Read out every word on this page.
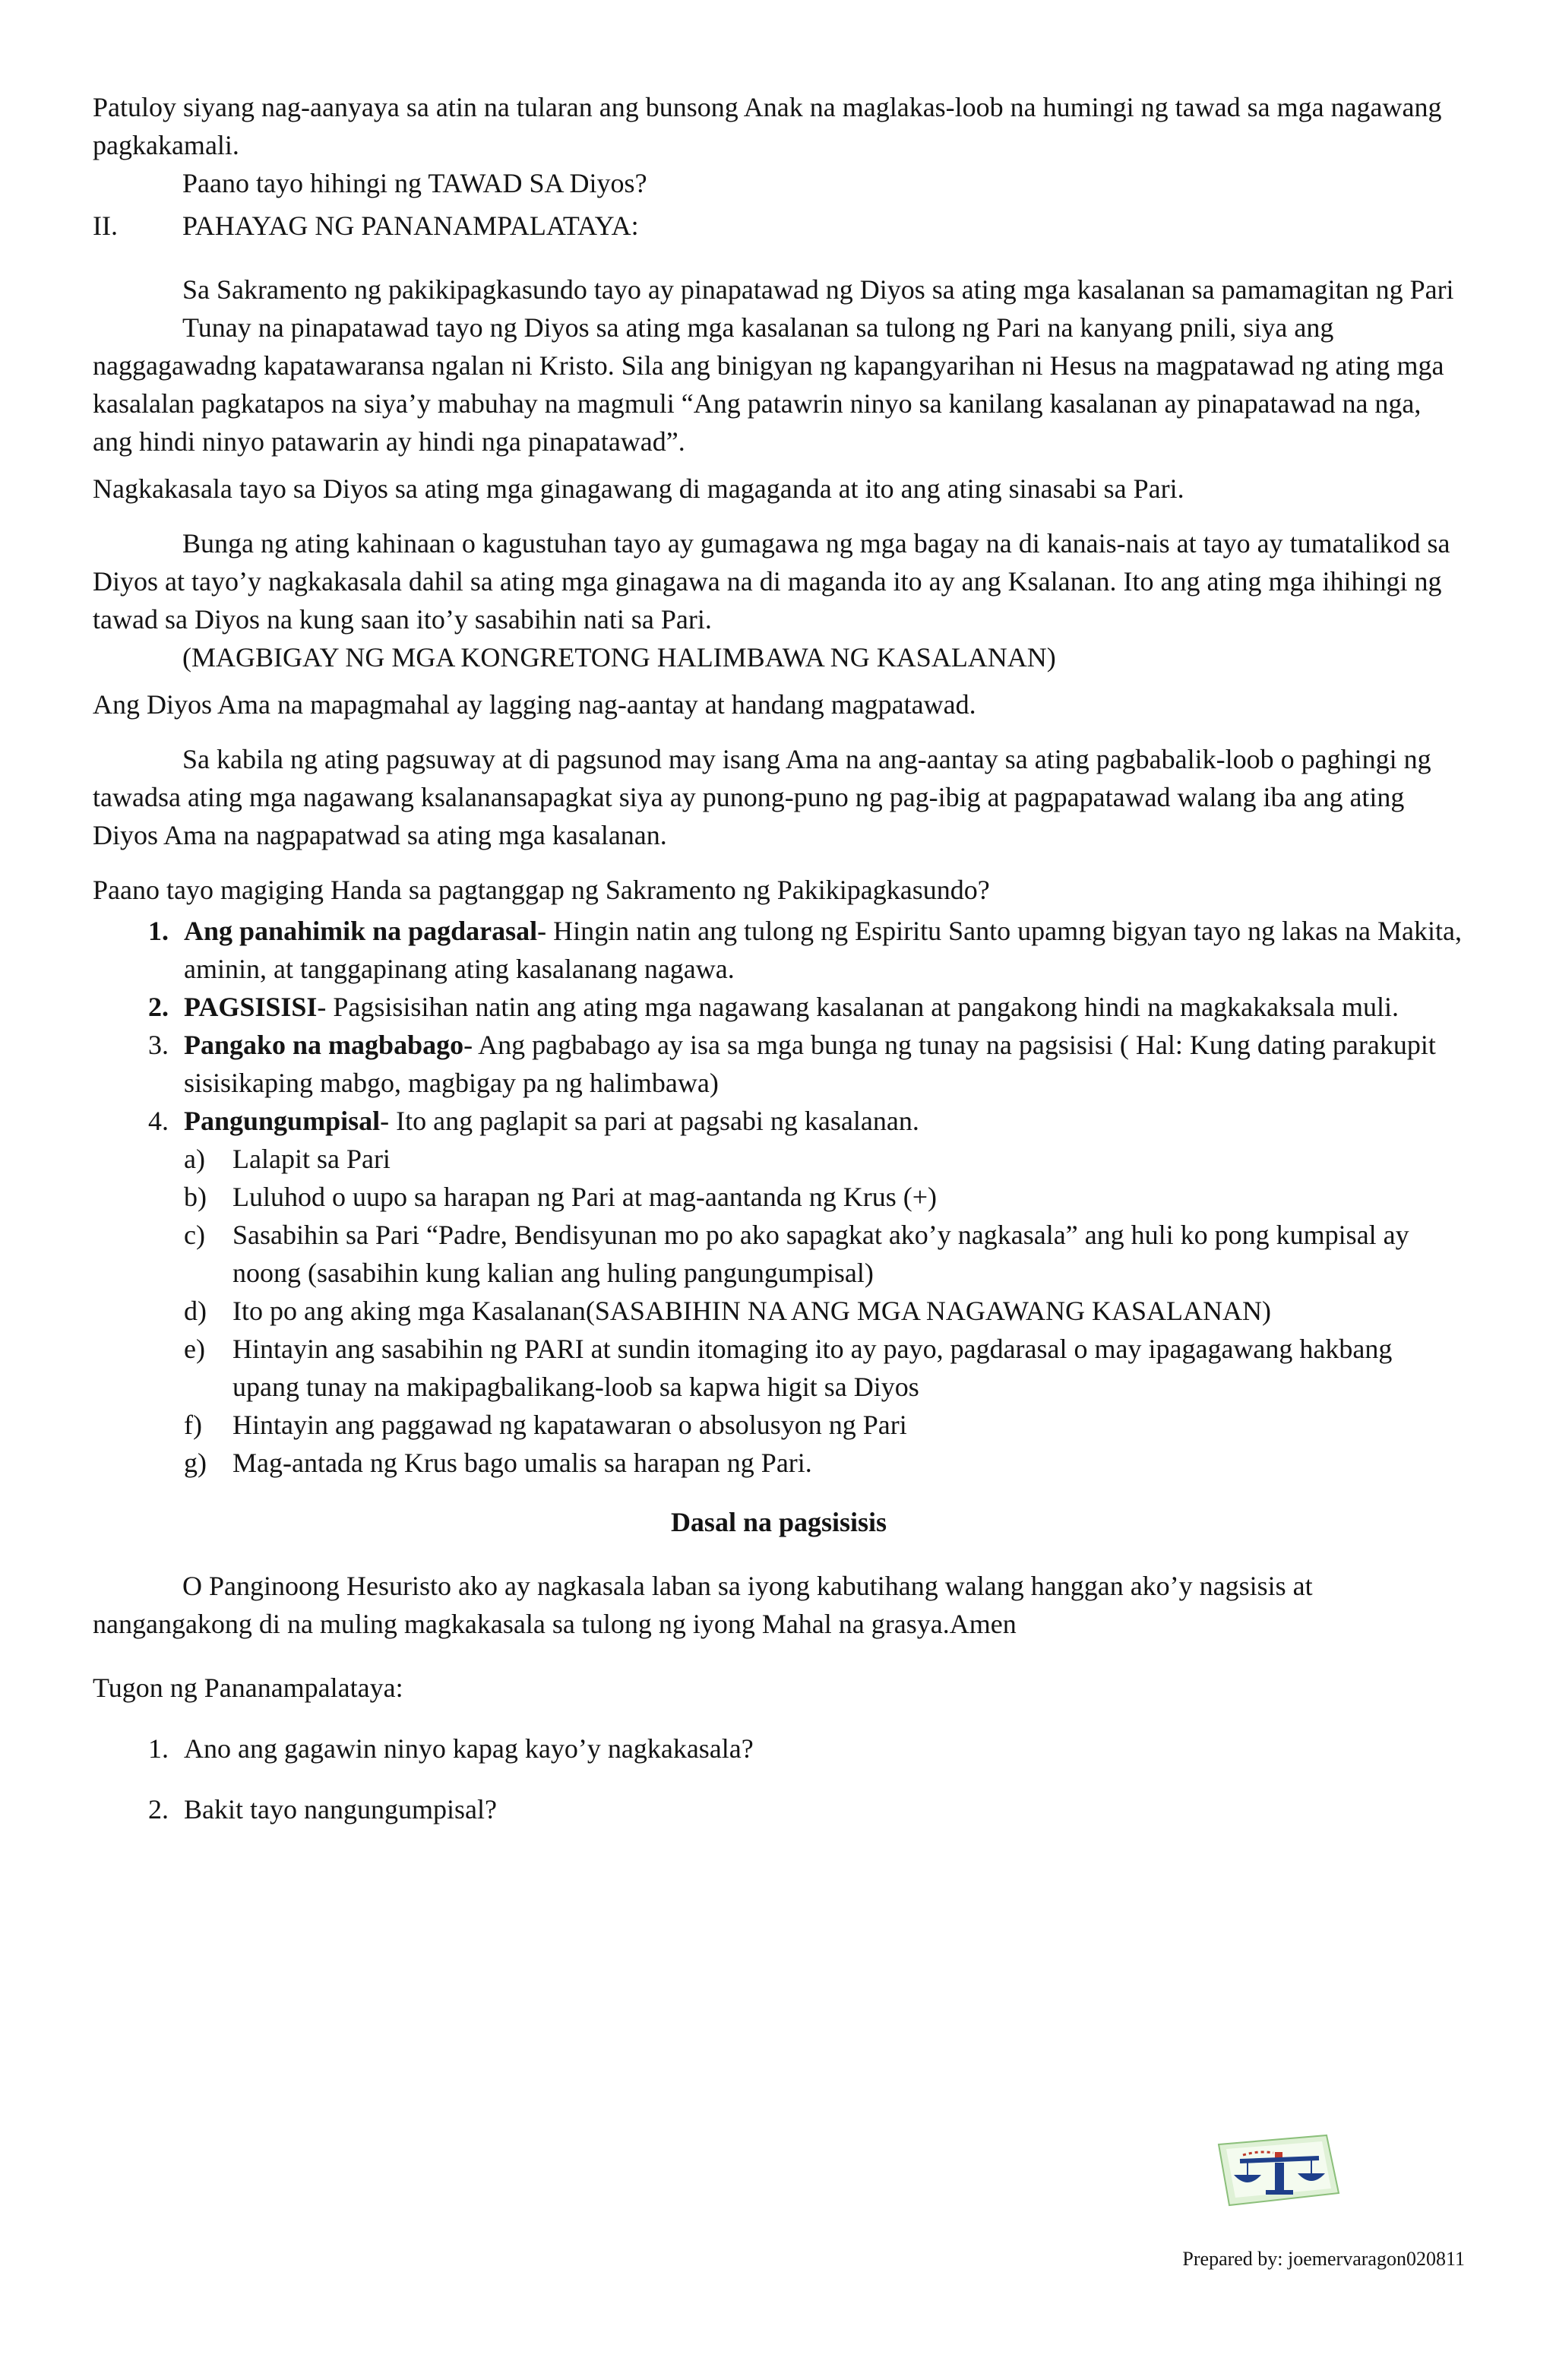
Patuloy siyang nag-aanyaya sa atin na tularan ang bunsong Anak na maglakas-loob na humingi ng tawad sa mga nagawang pagkakamali.

Paano tayo hihingi ng TAWAD SA Diyos?

II.	PAHAYAG NG PANANAMPALATAYA:

Sa Sakramento ng pakikipagkasundo tayo ay pinapatawad ng Diyos sa ating mga kasalanan sa pamamagitan ng Pari

Tunay na pinapatawad tayo ng Diyos sa ating mga kasalanan sa tulong ng Pari na kanyang pnili, siya ang naggagawadng kapatawaransa ngalan ni Kristo. Sila ang binigyan ng kapangyarihan ni Hesus na magpatawad ng ating mga kasalalan pagkatapos na siya’y mabuhay na magmuli “Ang patawrin ninyo sa kanilang kasalanan ay pinapatawad na nga, ang hindi ninyo patawarin ay hindi nga pinapatawad”.

Nagkakasala tayo sa Diyos sa ating mga ginagawang di magaganda at ito ang ating sinasabi sa Pari.

Bunga ng ating kahinaan o kagustuhan tayo ay gumagawa ng mga bagay na di kanais-nais at tayo ay tumatalikod sa Diyos at tayo’y nagkakasala dahil sa ating mga ginagawa na di maganda ito ay ang Ksalanan. Ito ang ating mga ihihingi ng tawad sa Diyos na kung saan ito’y sasabihin nati sa Pari.

(MAGBIGAY NG MGA KONGRETONG HALIMBAWA NG KASALANAN)

Ang Diyos Ama na mapagmahal ay lagging nag-aantay at handang magpatawad.

Sa kabila ng ating pagsuway at di pagsunod may isang Ama na ang-aantay sa ating pagbabalik-loob o paghingi ng tawadsa ating mga nagawang ksalanansapagkat siya ay punong-puno ng pag-ibig at pagpapatawad walang iba ang ating Diyos Ama na nagpapatwad sa ating mga kasalanan.

Paano tayo magiging Handa sa pagtanggap ng Sakramento ng Pakikipagkasundo?

1. Ang panahimik na pagdarasal- Hingin natin ang tulong ng Espiritu Santo upamng bigyan tayo ng lakas na Makita, aminin, at tanggapinang ating kasalanang nagawa.
2. PAGSISISI- Pagsisisihan natin ang ating mga nagawang kasalanan at pangakong hindi na magkakaksala muli.
3. Pangako na magbabago- Ang pagbabago ay isa sa mga bunga ng tunay na pagsisisi ( Hal: Kung dating parakupit sisisikaping mabgo, magbigay pa ng halimbawa)
4. Pangungumpisal- Ito ang paglapit sa pari at pagsabi ng kasalanan.
a)	Lalapit sa Pari
b) Luluhod o uupo sa harapan ng Pari at mag-aantanda ng Krus (+)
c)	Sasabihin sa Pari “Padre, Bendisyunan mo po ako sapagkat ako’y nagkasala” ang huli ko pong kumpisal ay noong (sasabihin kung kalian ang huling pangungumpisal)
d) Ito po ang aking mga Kasalanan(SASABIHIN NA ANG MGA NAGAWANG KASALANAN)
e)	Hintayin ang sasabihin ng PARI at sundin itomaging ito ay payo, pagdarasal o may ipagagawang hakbang upang tunay na makipagbalikang-loob sa kapwa higit sa Diyos
f)	Hintayin ang paggawad ng kapatawaran o absolusyon ng Pari
g) Mag-antada ng Krus bago umalis sa harapan ng Pari.

Dasal na pagsisisis

O Panginoong Hesuristo ako ay nagkasala laban sa iyong kabutihang walang hanggan ako’y nagsisis at nangangakong di na muling magkakasala sa tulong ng iyong Mahal na grasya.Amen

Tugon ng Pananampalataya:

1. Ano ang gagawin ninyo kapag kayo’y nagkakasala?
2. Bakit tayo nangungumpisal?
Prepared by: joemervaragon020811
